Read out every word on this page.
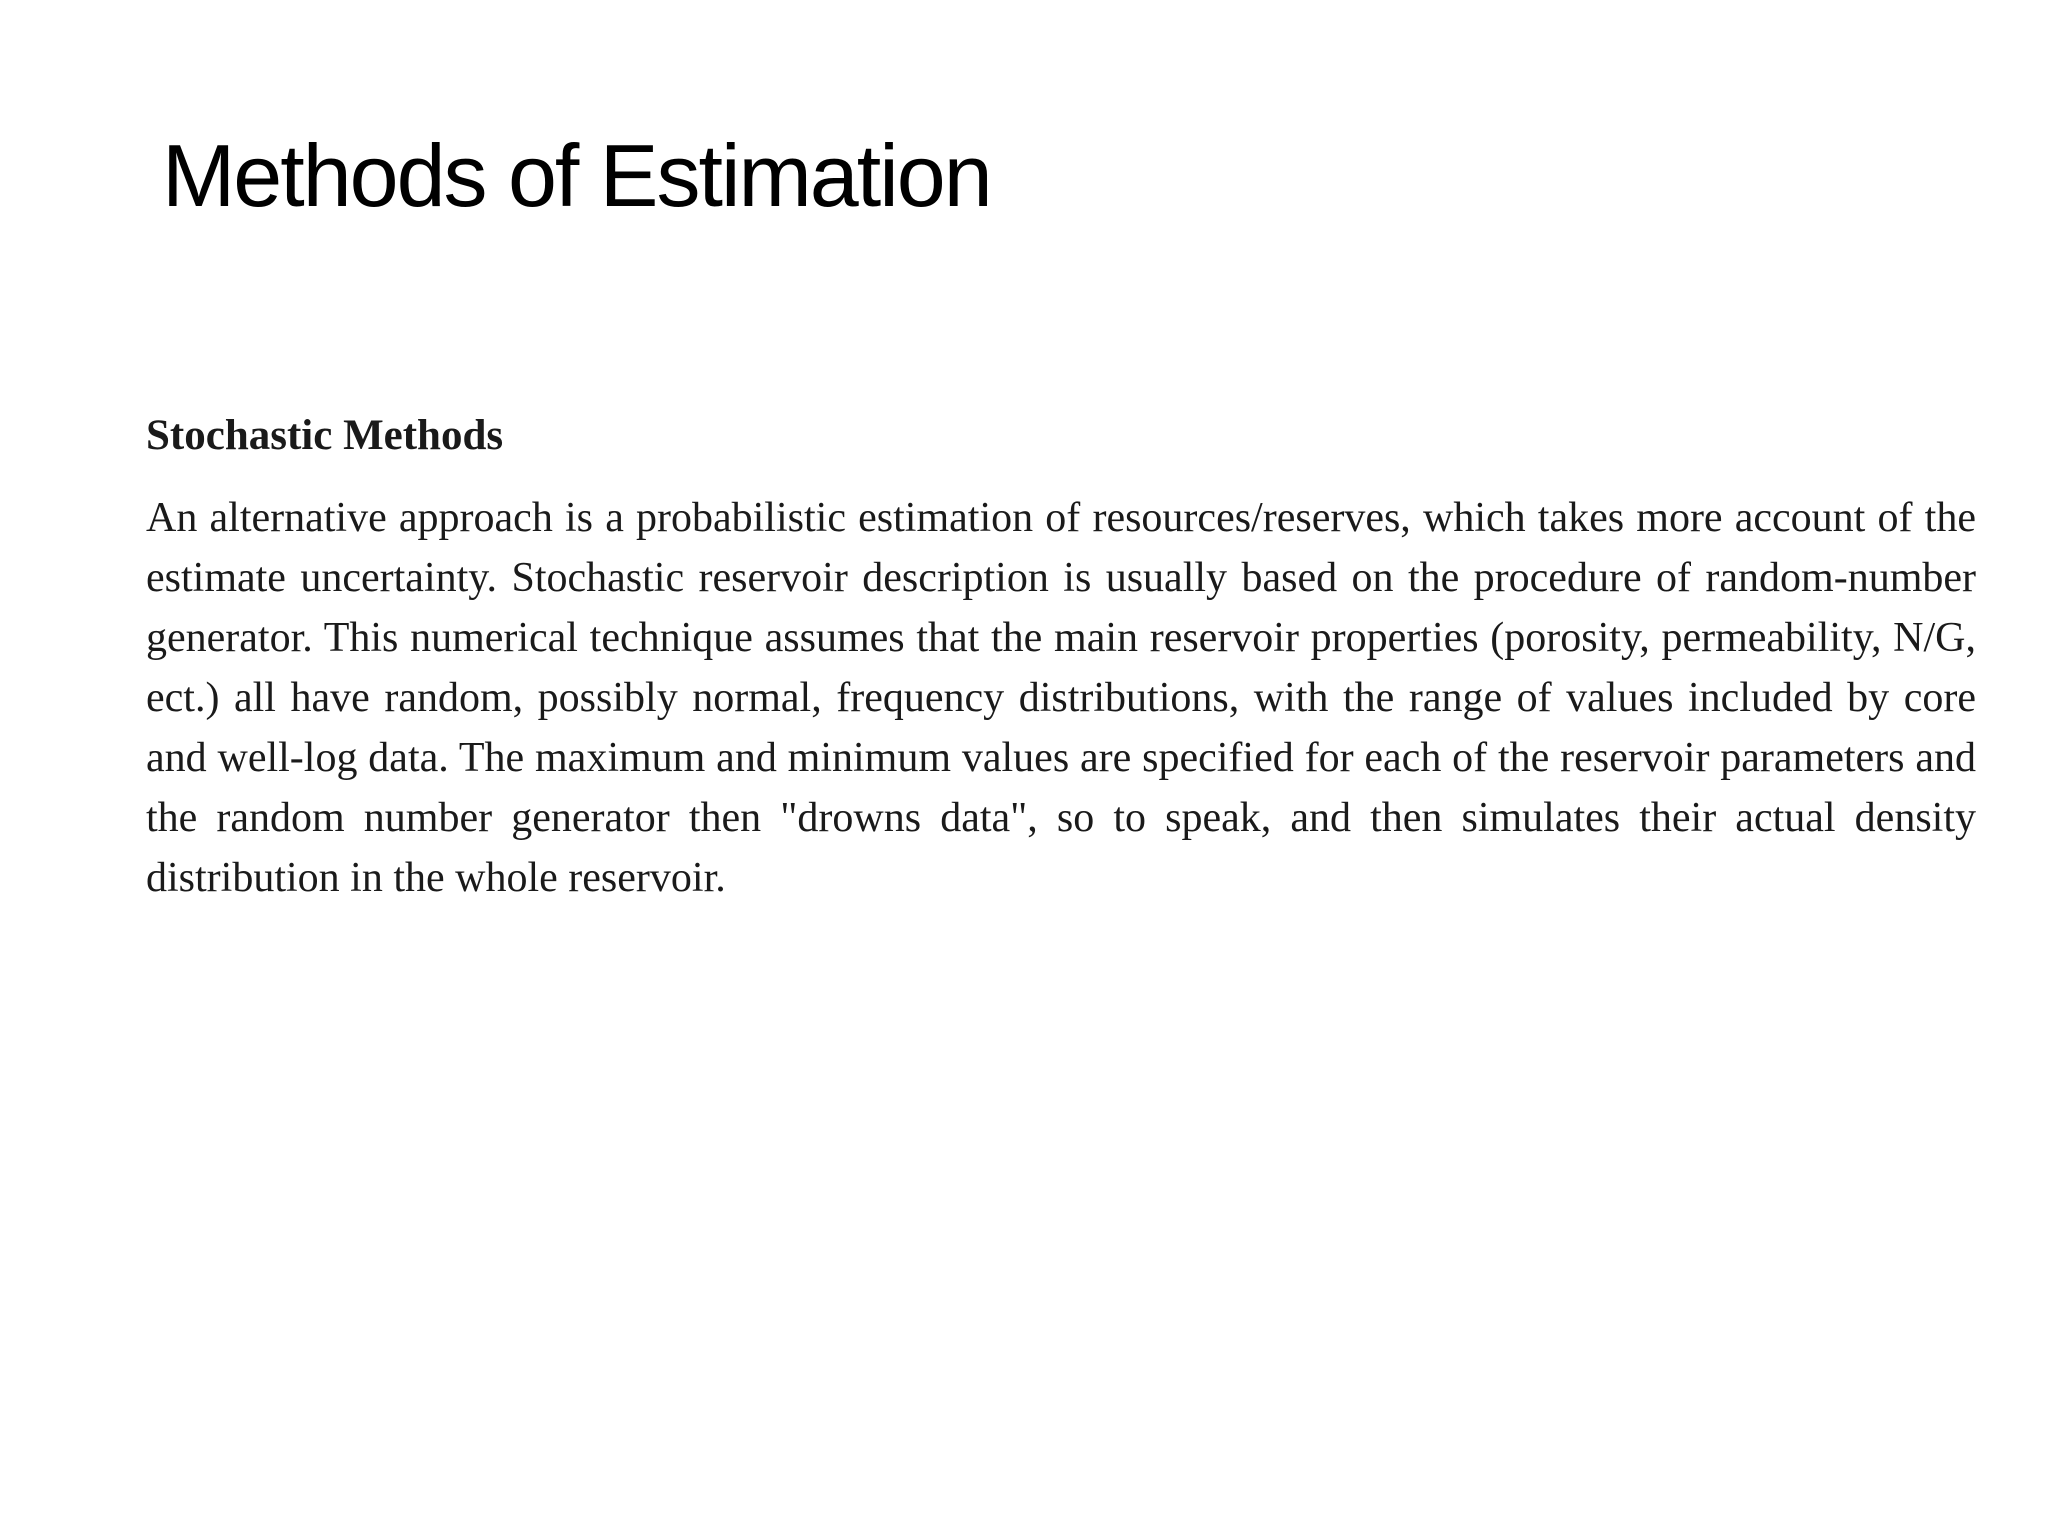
Methods of Estimation
Stochastic Methods

An alternative approach is a probabilistic estimation of resources/reserves, which takes more account of the estimate uncertainty. Stochastic reservoir description is usually based on the procedure of random-number generator. This numerical technique assumes that the main reservoir properties (porosity, permeability, N/G, ect.) all have random, possibly normal, frequency distributions, with the range of values included by core and well-log data. The maximum and minimum values are specified for each of the reservoir parameters and the random number generator then "drowns data", so to speak, and then simulates their actual density distribution in the whole reservoir.
